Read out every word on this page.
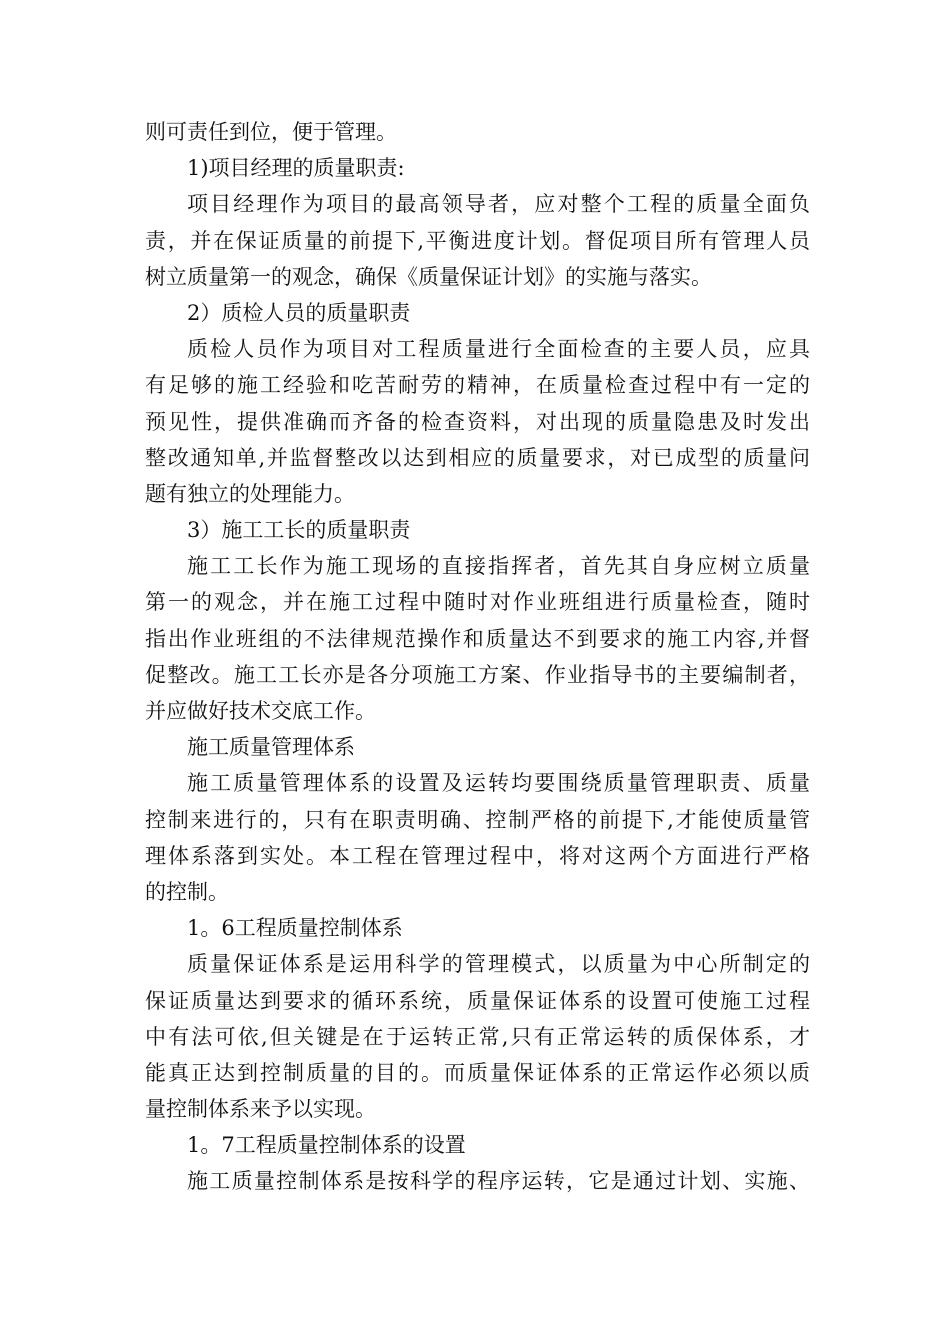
则可责任到位，便于管理。
1)项目经理的质量职责:
项目经理作为项目的最高领导者，应对整个工程的质量全面负
责，并在保证质量的前提下,平衡进度计划。督促项目所有管理人员
树立质量第一的观念，确保《质量保证计划》的实施与落实。
2）质检人员的质量职责
质检人员作为项目对工程质量进行全面检查的主要人员，应具
有足够的施工经验和吃苦耐劳的精神，在质量检查过程中有一定的
预见性，提供准确而齐备的检查资料，对出现的质量隐患及时发出
整改通知单,并监督整改以达到相应的质量要求，对已成型的质量问
题有独立的处理能力。
3）施工工长的质量职责
施工工长作为施工现场的直接指挥者，首先其自身应树立质量
第一的观念，并在施工过程中随时对作业班组进行质量检查，随时
指出作业班组的不法律规范操作和质量达不到要求的施工内容,并督
促整改。施工工长亦是各分项施工方案、作业指导书的主要编制者，
并应做好技术交底工作。
施工质量管理体系
施工质量管理体系的设置及运转均要围绕质量管理职责、质量
控制来进行的，只有在职责明确、控制严格的前提下,才能使质量管
理体系落到实处。本工程在管理过程中，将对这两个方面进行严格
的控制。
1。6工程质量控制体系
质量保证体系是运用科学的管理模式，以质量为中心所制定的
保证质量达到要求的循环系统，质量保证体系的设置可使施工过程
中有法可依,但关键是在于运转正常,只有正常运转的质保体系，才
能真正达到控制质量的目的。而质量保证体系的正常运作必须以质
量控制体系来予以实现。
1。7工程质量控制体系的设置
施工质量控制体系是按科学的程序运转，它是通过计划、实施、
